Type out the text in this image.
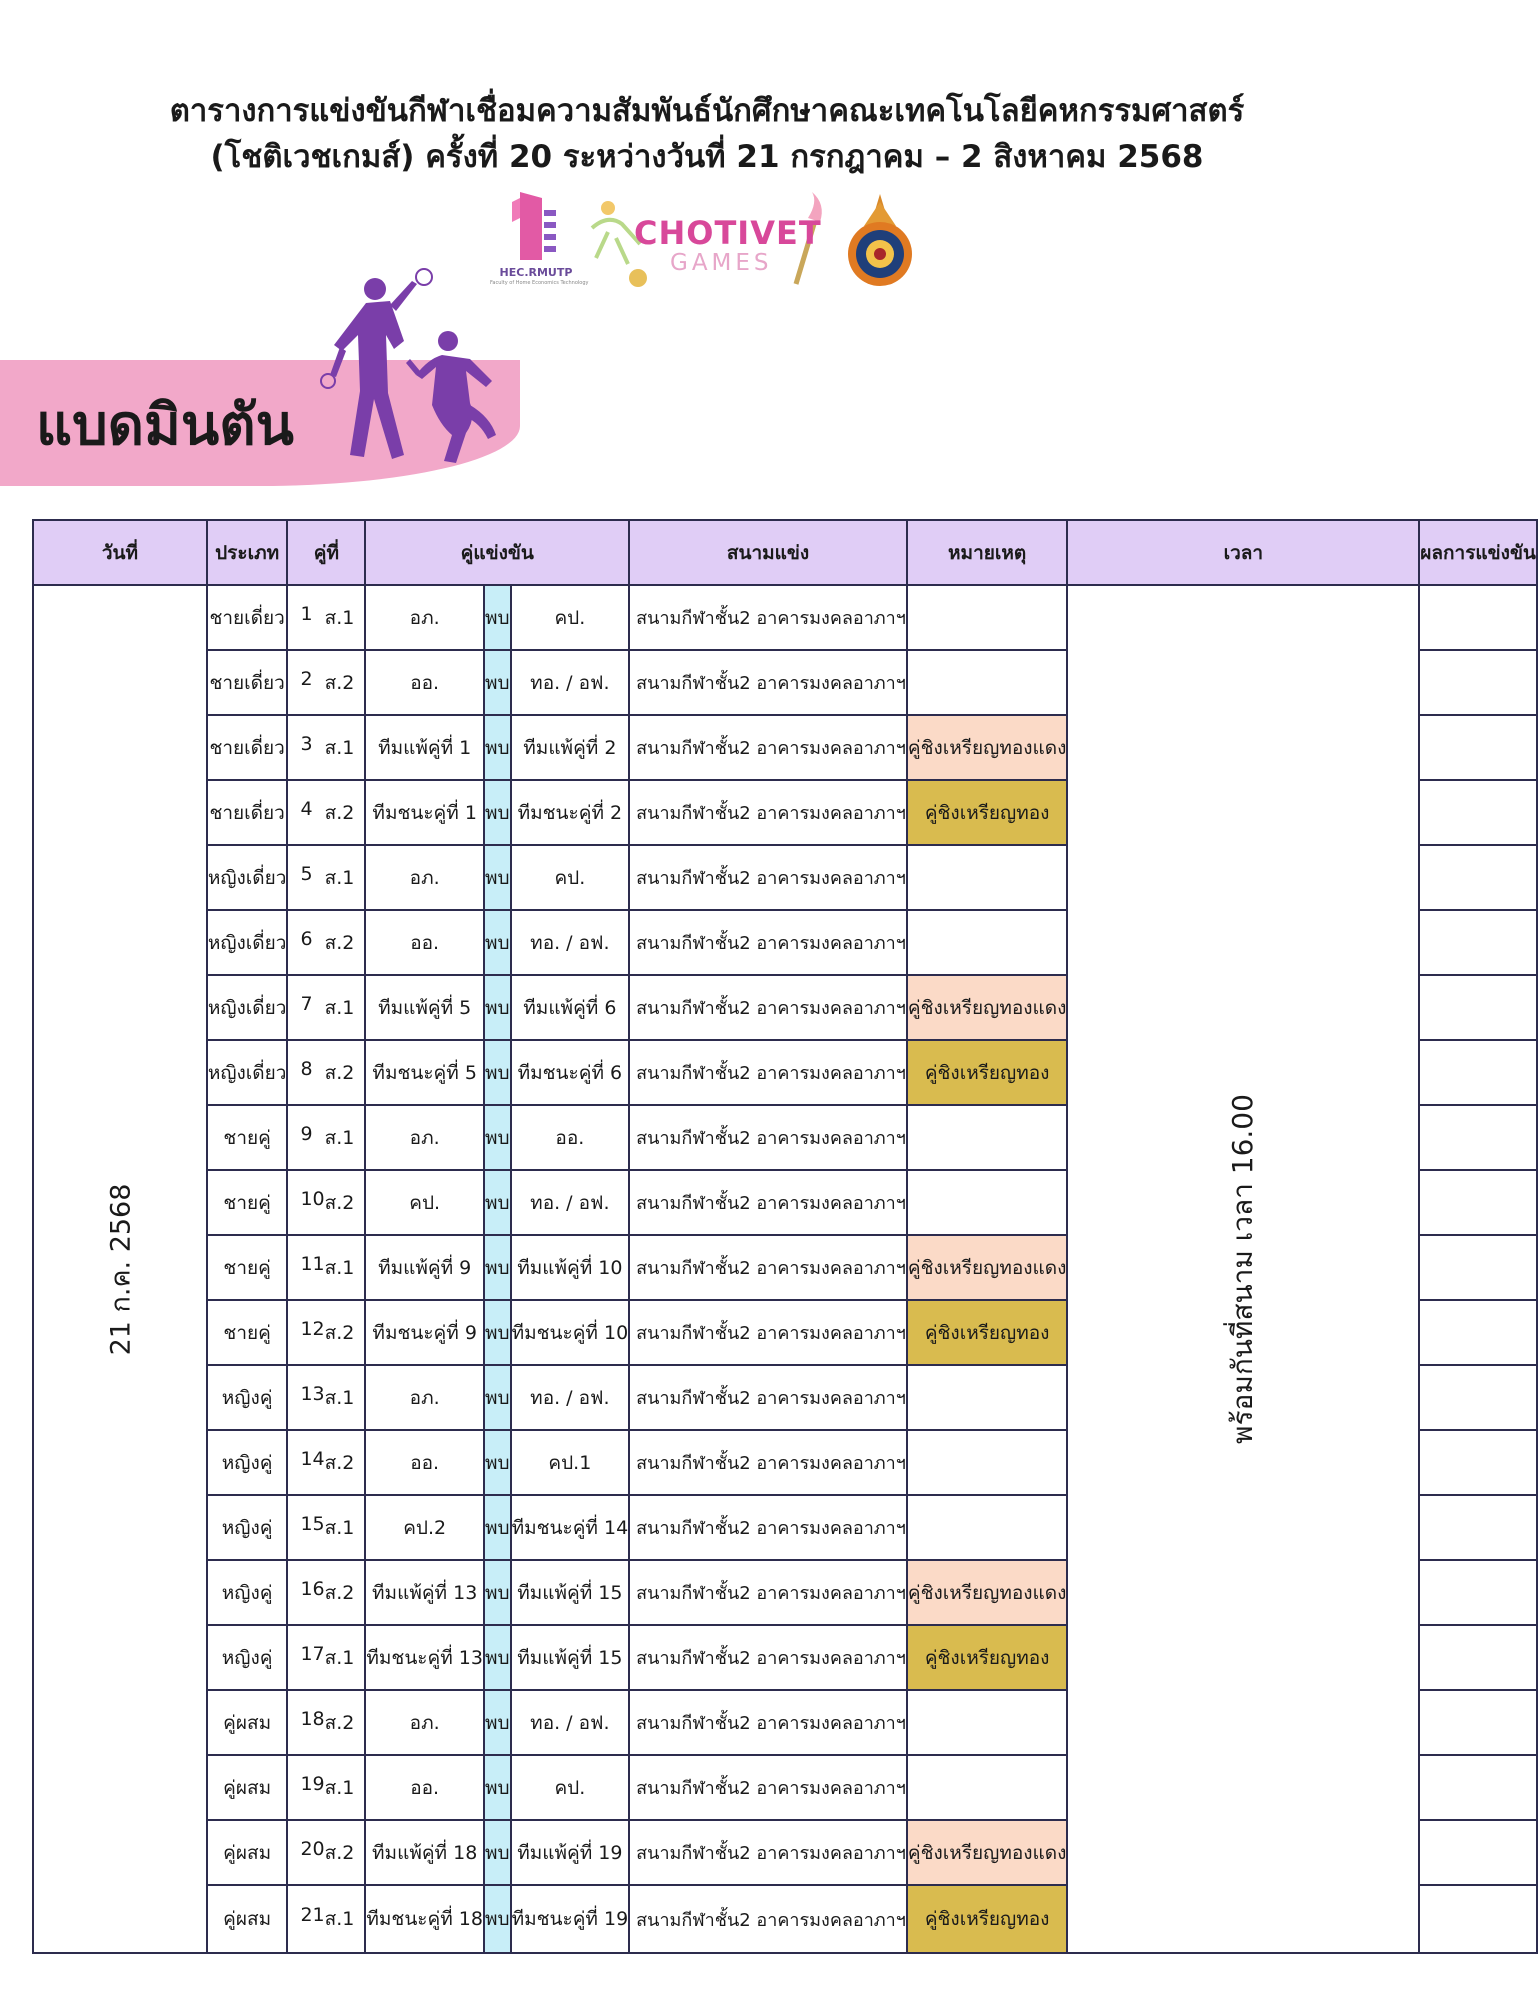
ตารางการแข่งขันกีฬาเชื่อมความสัมพันธ์นักศึกษาคณะเทคโนโลยีคหกรรมศาสตร์
(โชติเวชเกมส์) ครั้งที่ 20 ระหว่างวันที่ 21 กรกฎาคม – 2 สิงหาคม 2568
HEC.RMUTP
Faculty of Home Economics Technology
CHOTIVET
GAMES
แบดมินตัน
วันที่	ประเภท	คู่ที่	คู่แข่งขัน			สนามแข่ง	หมายเหตุ	เวลา	ผลการแข่งขัน
21 ก.ค. 2568	ชายเดี่ยว	1 ส.1	อภ.	พบ	คป.	สนามกีฬาชั้น2 อาคารมงคลอาภาฯ		พร้อมกันที่สนาม เวลา 16.00	
	ชายเดี่ยว	2 ส.2	ออ.	พบ	ทอ. / อฟ.	สนามกีฬาชั้น2 อาคารมงคลอาภาฯ			
	ชายเดี่ยว	3 ส.1	ทีมแพ้คู่ที่ 1	พบ	ทีมแพ้คู่ที่ 2	สนามกีฬาชั้น2 อาคารมงคลอาภาฯ	คู่ชิงเหรียญทองแดง		
	ชายเดี่ยว	4 ส.2	ทีมชนะคู่ที่ 1	พบ	ทีมชนะคู่ที่ 2	สนามกีฬาชั้น2 อาคารมงคลอาภาฯ	คู่ชิงเหรียญทอง		
	หญิงเดี่ยว	5 ส.1	อภ.	พบ	คป.	สนามกีฬาชั้น2 อาคารมงคลอาภาฯ			
	หญิงเดี่ยว	6 ส.2	ออ.	พบ	ทอ. / อฟ.	สนามกีฬาชั้น2 อาคารมงคลอาภาฯ			
	หญิงเดี่ยว	7 ส.1	ทีมแพ้คู่ที่ 5	พบ	ทีมแพ้คู่ที่ 6	สนามกีฬาชั้น2 อาคารมงคลอาภาฯ	คู่ชิงเหรียญทองแดง		
	หญิงเดี่ยว	8 ส.2	ทีมชนะคู่ที่ 5	พบ	ทีมชนะคู่ที่ 6	สนามกีฬาชั้น2 อาคารมงคลอาภาฯ	คู่ชิงเหรียญทอง		
	ชายคู่	9 ส.1	อภ.	พบ	ออ.	สนามกีฬาชั้น2 อาคารมงคลอาภาฯ			
	ชายคู่	10 ส.2	คป.	พบ	ทอ. / อฟ.	สนามกีฬาชั้น2 อาคารมงคลอาภาฯ			
	ชายคู่	11 ส.1	ทีมแพ้คู่ที่ 9	พบ	ทีมแพ้คู่ที่ 10	สนามกีฬาชั้น2 อาคารมงคลอาภาฯ	คู่ชิงเหรียญทองแดง		
	ชายคู่	12 ส.2	ทีมชนะคู่ที่ 9	พบ	ทีมชนะคู่ที่ 10	สนามกีฬาชั้น2 อาคารมงคลอาภาฯ	คู่ชิงเหรียญทอง		
	หญิงคู่	13 ส.1	อภ.	พบ	ทอ. / อฟ.	สนามกีฬาชั้น2 อาคารมงคลอาภาฯ			
	หญิงคู่	14 ส.2	ออ.	พบ	คป.1	สนามกีฬาชั้น2 อาคารมงคลอาภาฯ			
	หญิงคู่	15 ส.1	คป.2	พบ	ทีมชนะคู่ที่ 14	สนามกีฬาชั้น2 อาคารมงคลอาภาฯ			
	หญิงคู่	16 ส.2	ทีมแพ้คู่ที่ 13	พบ	ทีมแพ้คู่ที่ 15	สนามกีฬาชั้น2 อาคารมงคลอาภาฯ	คู่ชิงเหรียญทองแดง		
	หญิงคู่	17 ส.1	ทีมชนะคู่ที่ 13	พบ	ทีมแพ้คู่ที่ 15	สนามกีฬาชั้น2 อาคารมงคลอาภาฯ	คู่ชิงเหรียญทอง		
	คู่ผสม	18 ส.2	อภ.	พบ	ทอ. / อฟ.	สนามกีฬาชั้น2 อาคารมงคลอาภาฯ			
	คู่ผสม	19 ส.1	ออ.	พบ	คป.	สนามกีฬาชั้น2 อาคารมงคลอาภาฯ			
	คู่ผสม	20 ส.2	ทีมแพ้คู่ที่ 18	พบ	ทีมแพ้คู่ที่ 19	สนามกีฬาชั้น2 อาคารมงคลอาภาฯ	คู่ชิงเหรียญทองแดง		
	คู่ผสม	21 ส.1	ทีมชนะคู่ที่ 18	พบ	ทีมชนะคู่ที่ 19	สนามกีฬาชั้น2 อาคารมงคลอาภาฯ	คู่ชิงเหรียญทอง		
